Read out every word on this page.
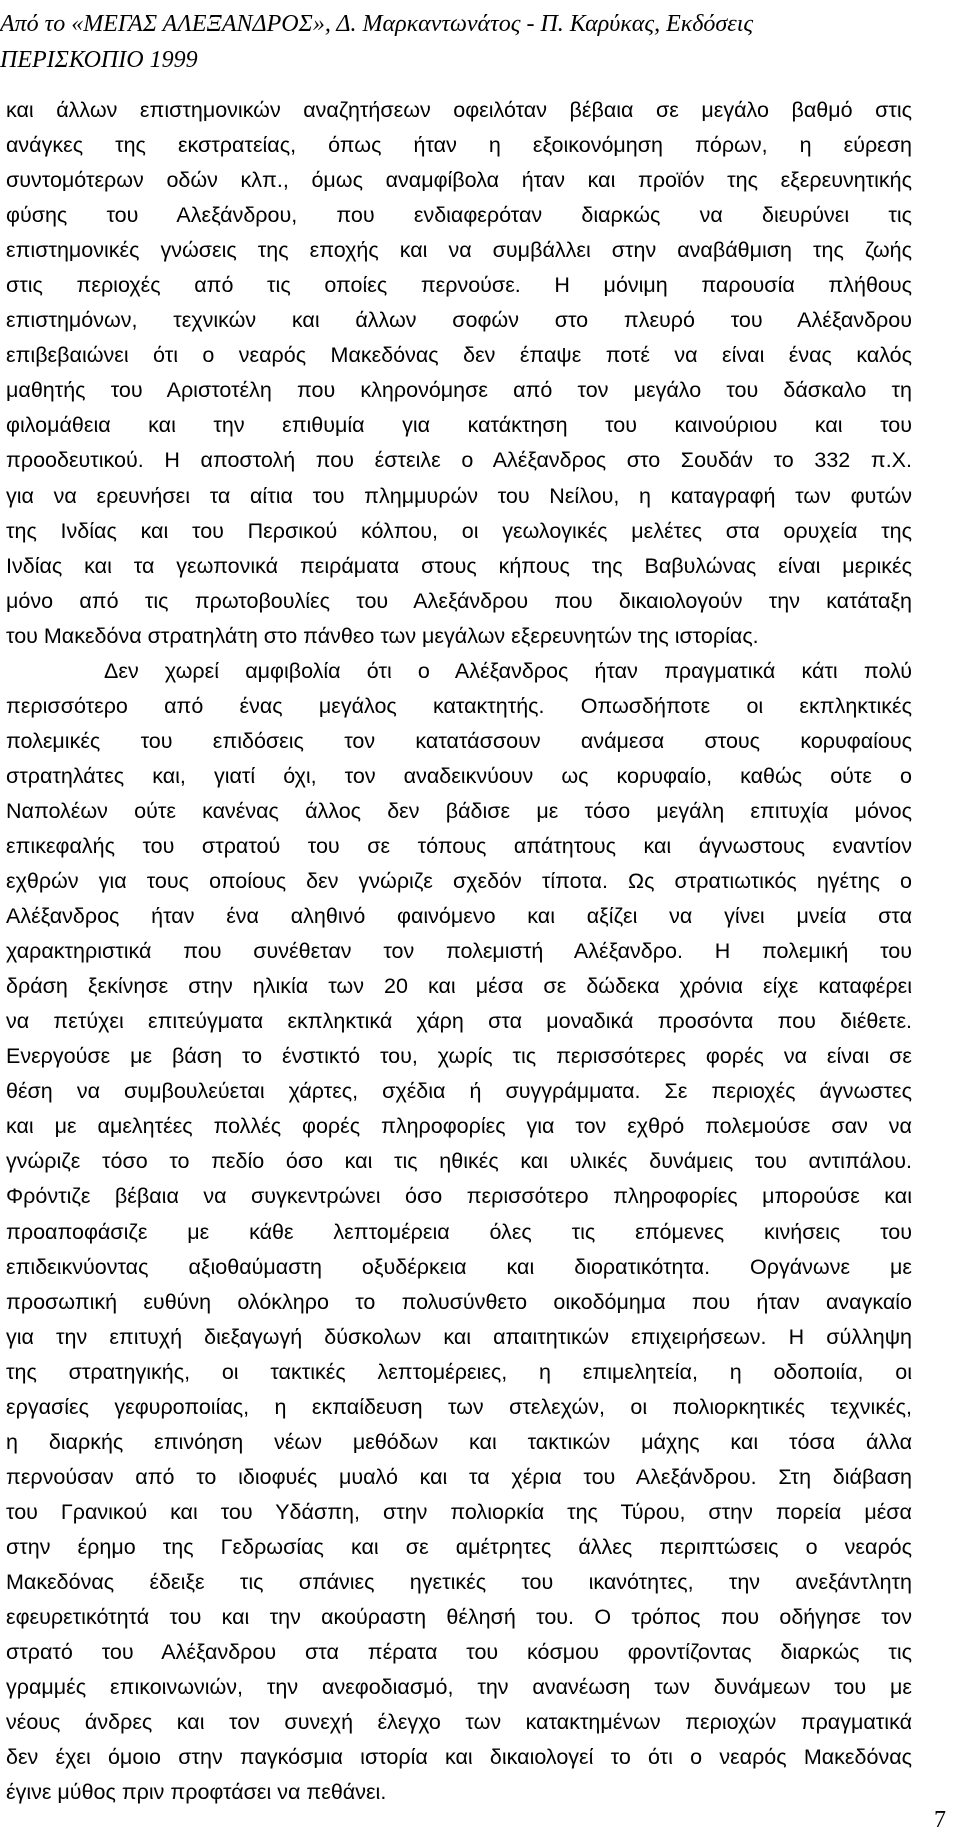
Από το «ΜΕΓΑΣ ΑΛΕΞΑΝΔΡΟΣ», Δ. Μαρκαντωνάτος - Π. Καρύκας, Εκδόσεις
ΠΕΡΙΣΚΟΠΙΟ 1999
και άλλων επιστημονικών αναζητήσεων οφειλόταν βέβαια σε μεγάλο βαθμό στις
ανάγκες της εκστρατείας, όπως ήταν η εξοικονόμηση πόρων, η εύρεση
συντομότερων οδών κλπ., όμως αναμφίβολα ήταν και προϊόν της εξερευνητικής
φύσης του Αλεξάνδρου, που ενδιαφερόταν διαρκώς να διευρύνει τις
επιστημονικές γνώσεις της εποχής και να συμβάλλει στην αναβάθμιση της ζωής
στις περιοχές από τις οποίες περνούσε. Η μόνιμη παρουσία πλήθους
επιστημόνων, τεχνικών και άλλων σοφών στο πλευρό του Αλέξανδρου
επιβεβαιώνει ότι ο νεαρός Μακεδόνας δεν έπαψε ποτέ να είναι ένας καλός
μαθητής του Αριστοτέλη που κληρονόμησε από τον μεγάλο του δάσκαλο τη
φιλομάθεια και την επιθυμία για κατάκτηση του καινούριου και του
προοδευτικού. Η αποστολή που έστειλε ο Αλέξανδρος στο Σουδάν το 332 π.Χ.
για να ερευνήσει τα αίτια του πλημμυρών του Νείλου, η καταγραφή των φυτών
της Ινδίας και του Περσικού κόλπου, οι γεωλογικές μελέτες στα ορυχεία της
Ινδίας και τα γεωπονικά πειράματα στους κήπους της Βαβυλώνας είναι μερικές
μόνο από τις πρωτοβουλίες του Αλεξάνδρου που δικαιολογούν την κατάταξη
του Μακεδόνα στρατηλάτη στο πάνθεο των μεγάλων εξερευνητών της ιστορίας.
Δεν χωρεί αμφιβολία ότι ο Αλέξανδρος ήταν πραγματικά κάτι πολύ
περισσότερο από ένας μεγάλος κατακτητής. Οπωσδήποτε οι εκπληκτικές
πολεμικές του επιδόσεις τον κατατάσσουν ανάμεσα στους κορυφαίους
στρατηλάτες και, γιατί όχι, τον αναδεικνύουν ως κορυφαίο, καθώς ούτε ο
Ναπολέων ούτε κανένας άλλος δεν βάδισε με τόσο μεγάλη επιτυχία μόνος
επικεφαλής του στρατού του σε τόπους απάτητους και άγνωστους εναντίον
εχθρών για τους οποίους δεν γνώριζε σχεδόν τίποτα. Ως στρατιωτικός ηγέτης ο
Αλέξανδρος ήταν ένα αληθινό φαινόμενο και αξίζει να γίνει μνεία στα
χαρακτηριστικά που συνέθεταν τον πολεμιστή Αλέξανδρο. Η πολεμική του
δράση ξεκίνησε στην ηλικία των 20 και μέσα σε δώδεκα χρόνια είχε καταφέρει
να πετύχει επιτεύγματα εκπληκτικά χάρη στα μοναδικά προσόντα που διέθετε.
Ενεργούσε με βάση το ένστικτό του, χωρίς τις περισσότερες φορές να είναι σε
θέση να συμβουλεύεται χάρτες, σχέδια ή συγγράμματα. Σε περιοχές άγνωστες
και με αμελητέες πολλές φορές πληροφορίες για τον εχθρό πολεμούσε σαν να
γνώριζε τόσο το πεδίο όσο και τις ηθικές και υλικές δυνάμεις του αντιπάλου.
Φρόντιζε βέβαια να συγκεντρώνει όσο περισσότερο πληροφορίες μπορούσε και
προαποφάσιζε με κάθε λεπτομέρεια όλες τις επόμενες κινήσεις του
επιδεικνύοντας αξιοθαύμαστη οξυδέρκεια και διορατικότητα. Οργάνωνε με
προσωπική ευθύνη ολόκληρο το πολυσύνθετο οικοδόμημα που ήταν αναγκαίο
για την επιτυχή διεξαγωγή δύσκολων και απαιτητικών επιχειρήσεων. Η σύλληψη
της στρατηγικής, οι τακτικές λεπτομέρειες, η επιμελητεία, η οδοποιία, οι
εργασίες γεφυροποιίας, η εκπαίδευση των στελεχών, οι πολιορκητικές τεχνικές,
η διαρκής επινόηση νέων μεθόδων και τακτικών μάχης και τόσα άλλα
περνούσαν από το ιδιοφυές μυαλό και τα χέρια του Αλεξάνδρου. Στη διάβαση
του Γρανικού και του Υδάσπη, στην πολιορκία της Τύρου, στην πορεία μέσα
στην έρημο της Γεδρωσίας και σε αμέτρητες άλλες περιπτώσεις ο νεαρός
Μακεδόνας έδειξε τις σπάνιες ηγετικές του ικανότητες, την ανεξάντλητη
εφευρετικότητά του και την ακούραστη θέλησή του. Ο τρόπος που οδήγησε τον
στρατό του Αλέξανδρου στα πέρατα του κόσμου φροντίζοντας διαρκώς τις
γραμμές επικοινωνιών, την ανεφοδιασμό, την ανανέωση των δυνάμεων του με
νέους άνδρες και τον συνεχή έλεγχο των κατακτημένων περιοχών πραγματικά
δεν έχει όμοιο στην παγκόσμια ιστορία και δικαιολογεί το ότι ο νεαρός Μακεδόνας
έγινε μύθος πριν προφτάσει να πεθάνει.
7
